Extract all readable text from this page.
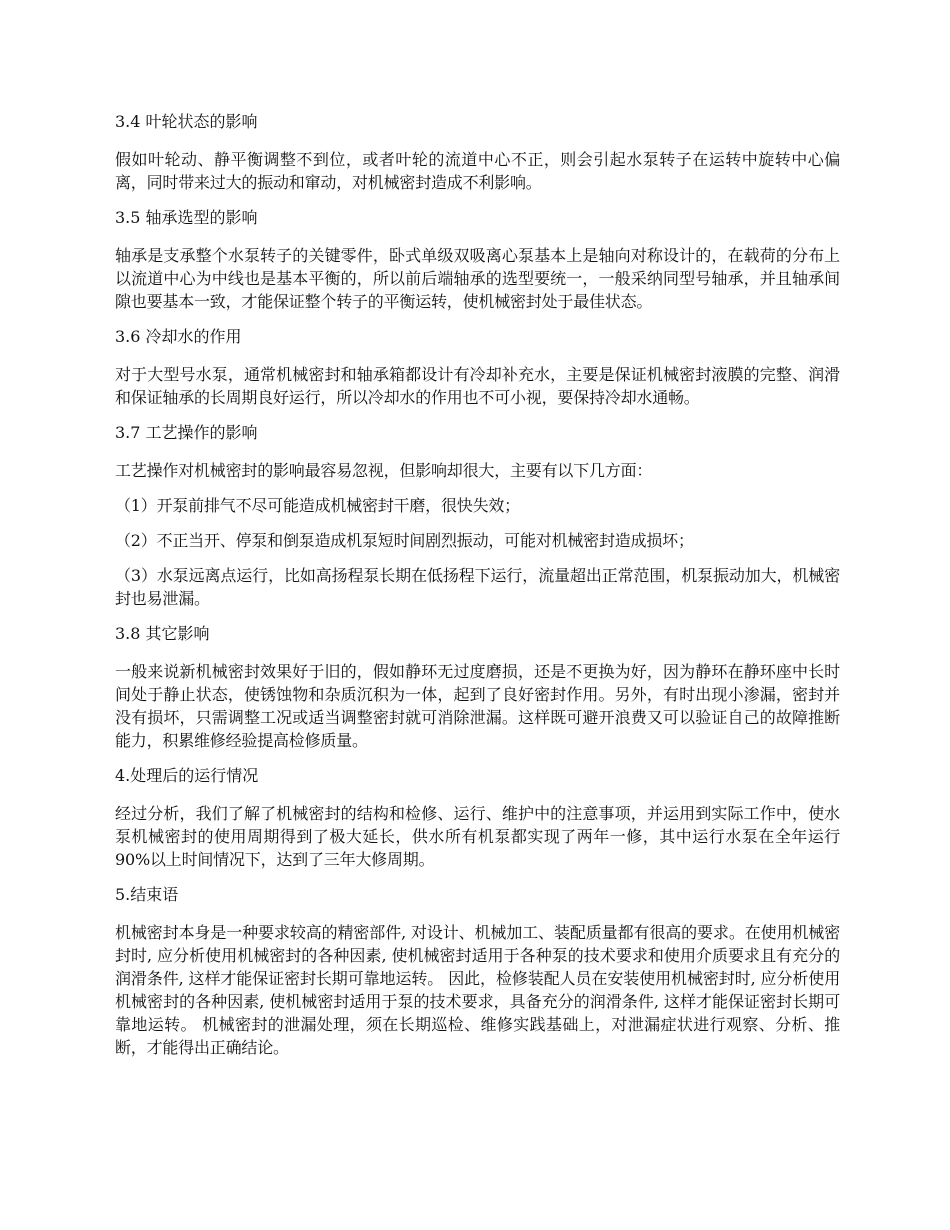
3.4 叶轮状态的影响

假如叶轮动、静平衡调整不到位，或者叶轮的流道中心不正，则会引起水泵转子在运转中旋转中心偏离，同时带来过大的振动和窜动，对机械密封造成不利影响。

3.5 轴承选型的影响

轴承是支承整个水泵转子的关键零件，卧式单级双吸离心泵基本上是轴向对称设计的，在载荷的分布上以流道中心为中线也是基本平衡的，所以前后端轴承的选型要统一，一般采纳同型号轴承，并且轴承间隙也要基本一致，才能保证整个转子的平衡运转，使机械密封处于最佳状态。

3.6 冷却水的作用

对于大型号水泵，通常机械密封和轴承箱都设计有冷却补充水，主要是保证机械密封液膜的完整、润滑和保证轴承的长周期良好运行，所以冷却水的作用也不可小视，要保持冷却水通畅。

3.7 工艺操作的影响

工艺操作对机械密封的影响最容易忽视，但影响却很大，主要有以下几方面：

（1）开泵前排气不尽可能造成机械密封干磨，很快失效；

（2）不正当开、停泵和倒泵造成机泵短时间剧烈振动，可能对机械密封造成损坏；

（3）水泵远离点运行，比如高扬程泵长期在低扬程下运行，流量超出正常范围，机泵振动加大，机械密封也易泄漏。

3.8 其它影响

一般来说新机械密封效果好于旧的，假如静环无过度磨损，还是不更换为好，因为静环在静环座中长时间处于静止状态，使锈蚀物和杂质沉积为一体，起到了良好密封作用。另外，有时出现小渗漏，密封并没有损坏，只需调整工况或适当调整密封就可消除泄漏。这样既可避开浪费又可以验证自己的故障推断能力，积累维修经验提高检修质量。

4.处理后的运行情况

经过分析，我们了解了机械密封的结构和检修、运行、维护中的注意事项，并运用到实际工作中，使水泵机械密封的使用周期得到了极大延长，供水所有机泵都实现了两年一修，其中运行水泵在全年运行 90%以上时间情况下，达到了三年大修周期。

5.结束语

机械密封本身是一种要求较高的精密部件, 对设计、机械加工、装配质量都有很高的要求。在使用机械密封时, 应分析使用机械密封的各种因素, 使机械密封适用于各种泵的技术要求和使用介质要求且有充分的润滑条件, 这样才能保证密封长期可靠地运转。 因此，检修装配人员在安装使用机械密封时, 应分析使用机械密封的各种因素, 使机械密封适用于泵的技术要求，具备充分的润滑条件, 这样才能保证密封长期可靠地运转。 机械密封的泄漏处理，须在长期巡检、维修实践基础上，对泄漏症状进行观察、分析、推断，才能得出正确结论。
